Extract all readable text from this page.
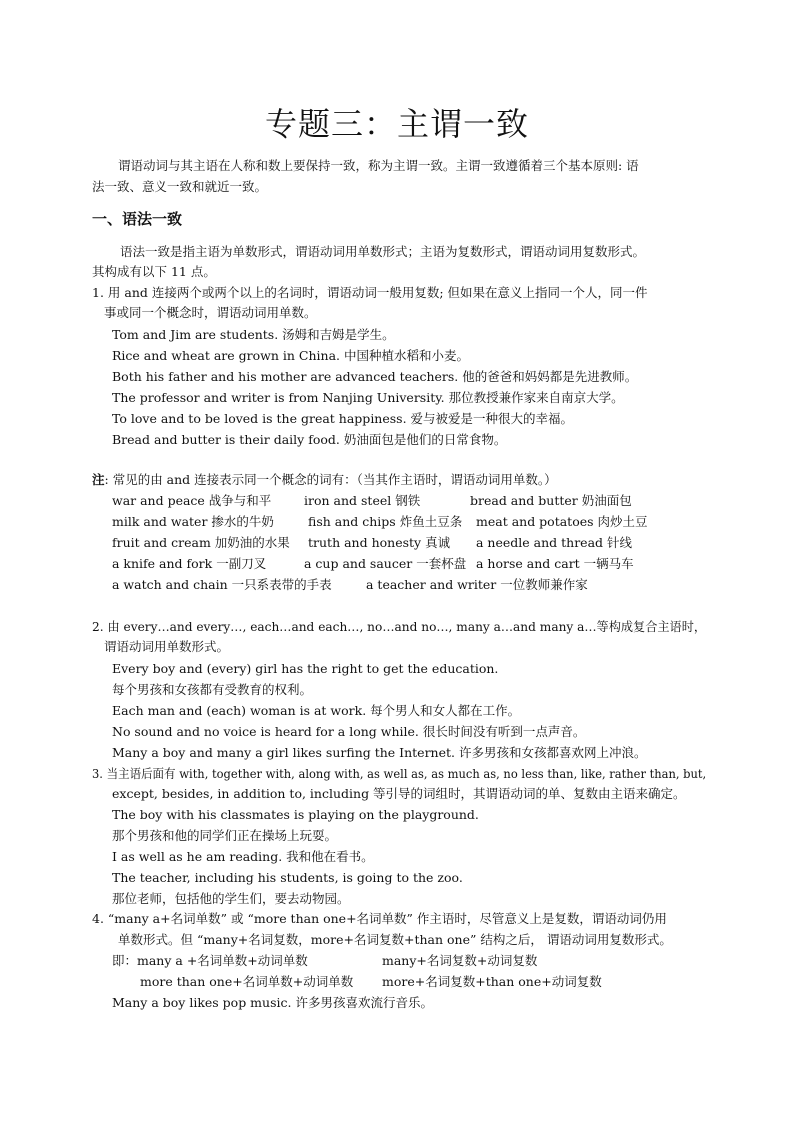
专题三：主谓一致
谓语动词与其主语在人称和数上要保持一致，称为主谓一致。主谓一致遵循着三个基本原则: 语
法一致、意义一致和就近一致。
一、语法一致
语法一致是指主语为单数形式，谓语动词用单数形式；主语为复数形式，谓语动词用复数形式。
其构成有以下 11 点。
1. 用 and 连接两个或两个以上的名词时，谓语动词一般用复数; 但如果在意义上指同一个人，同一件
事或同一个概念时，谓语动词用单数。
Tom and Jim are students. 汤姆和吉姆是学生。
Rice and wheat are grown in China. 中国种植水稻和小麦。
Both his father and his mother are advanced teachers. 他的爸爸和妈妈都是先进教师。
The professor and writer is from Nanjing University. 那位教授兼作家来自南京大学。
To love and to be loved is the great happiness. 爱与被爱是一种很大的幸福。
Bread and butter is their daily food. 奶油面包是他们的日常食物。
注: 常见的由 and 连接表示同一个概念的词有：（当其作主语时，谓语动词用单数。）
war and peace 战争与和平	iron and steel 钢铁	bread and butter 奶油面包
milk and water 掺水的牛奶	fish and chips 炸鱼土豆条 meat and potatoes 肉炒土豆
fruit and cream 加奶油的水果 truth and honesty 真诚 a needle and thread 针线
a knife and fork 一副刀叉	a cup and saucer 一套杯盘 a horse and cart 一辆马车
a watch and chain 一只系表带的手表	a teacher and writer 一位教师兼作家
2. 由 every…and every…, each…and each…, no…and no…, many a…and many a…等构成复合主语时，
谓语动词用单数形式。
Every boy and (every) girl has the right to get the education.
每个男孩和女孩都有受教育的权利。
Each man and (each) woman is at work. 每个男人和女人都在工作。
No sound and no voice is heard for a long while. 很长时间没有听到一点声音。
Many a boy and many a girl likes surfing the Internet. 许多男孩和女孩都喜欢网上冲浪。
3. 当主语后面有 with, together with, along with, as well as, as much as, no less than, like, rather than, but,
except, besides, in addition to, including 等引导的词组时，其谓语动词的单、复数由主语来确定。
The boy with his classmates is playing on the playground.
那个男孩和他的同学们正在操场上玩耍。
I as well as he am reading. 我和他在看书。
The teacher, including his students, is going to the zoo.
那位老师，包括他的学生们，要去动物园。
4. “many a+名词单数” 或 “more than one+名词单数” 作主语时，尽管意义上是复数，谓语动词仍用
单数形式。但 “many+名词复数，more+名词复数+than one” 结构之后， 谓语动词用复数形式。
即：many a +名词单数+动词单数	many+名词复数+动词复数
more than one+名词单数+动词单数 more+名词复数+than one+动词复数
Many a boy likes pop music. 许多男孩喜欢流行音乐。
